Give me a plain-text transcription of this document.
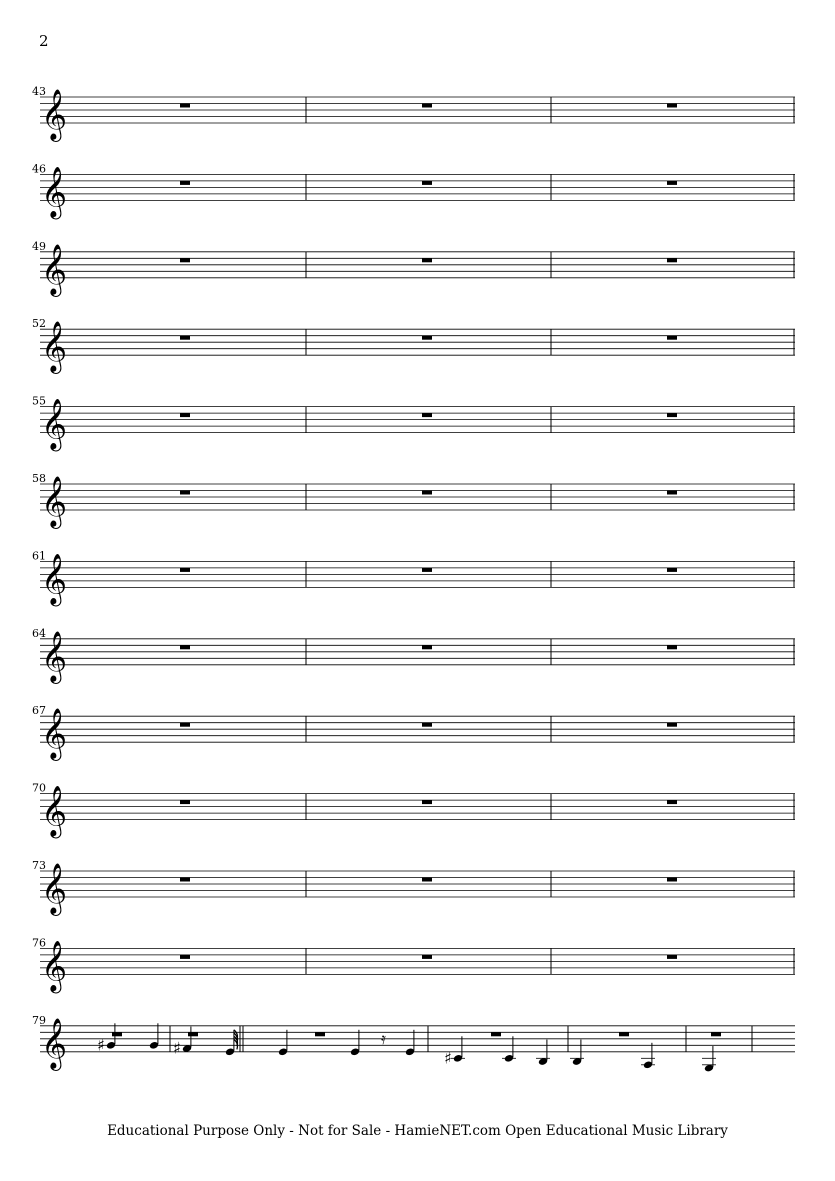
2
43
𝄞
46
𝄞
49
𝄞
52
𝄞
55
𝄞
58
𝄞
61
𝄞
64
𝄞
67
𝄞
70
𝄞
73
𝄞
76
𝄞
79
𝄞 ♯	♯
𝄿
♯
Educational Purpose Only - Not for Sale - HamieNET.com Open Educational Music Library
